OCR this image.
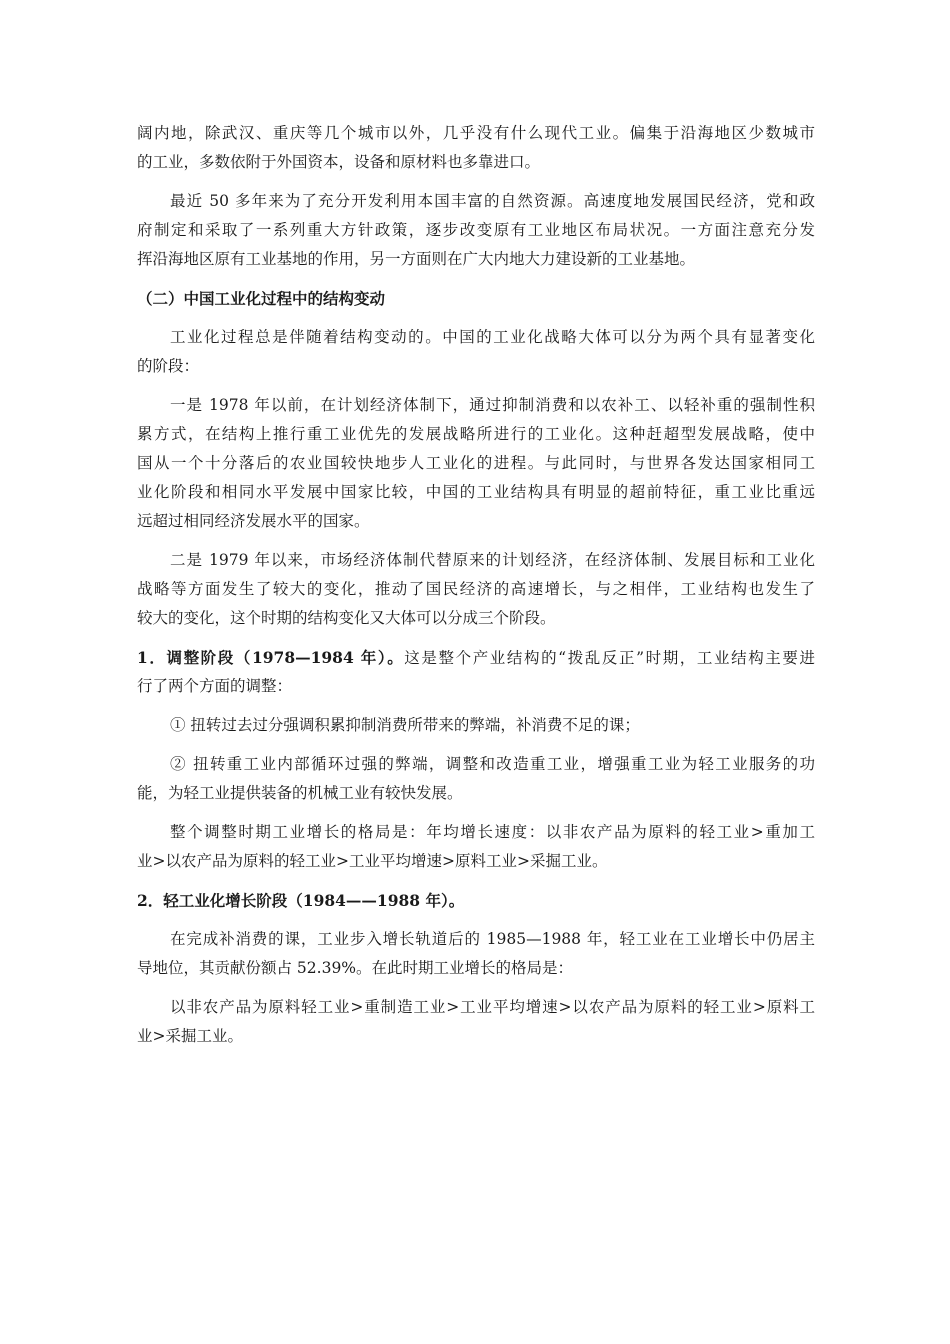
阔内地，除武汉、重庆等几个城市以外，几乎没有什么现代工业。偏集于沿海地区少数城市
的工业，多数依附于外国资本，设备和原材料也多靠进口。
最近 50 多年来为了充分开发利用本国丰富的自然资源。高速度地发展国民经济，党和政
府制定和采取了一系列重大方针政策，逐步改变原有工业地区布局状况。一方面注意充分发
挥沿海地区原有工业基地的作用，另一方面则在广大内地大力建设新的工业基地。
（二）中国工业化过程中的结构变动
工业化过程总是伴随着结构变动的。中国的工业化战略大体可以分为两个具有显著变化
的阶段：
一是 1978 年以前，在计划经济体制下，通过抑制消费和以农补工、以轻补重的强制性积
累方式，在结构上推行重工业优先的发展战略所进行的工业化。这种赶超型发展战略，使中
国从一个十分落后的农业国较快地步人工业化的进程。与此同时，与世界各发达国家相同工
业化阶段和相同水平发展中国家比较，中国的工业结构具有明显的超前特征，重工业比重远
远超过相同经济发展水平的国家。
二是 1979 年以来，市场经济体制代替原来的计划经济，在经济体制、发展目标和工业化
战略等方面发生了较大的变化，推动了国民经济的高速增长，与之相伴，工业结构也发生了
较大的变化，这个时期的结构变化又大体可以分成三个阶段。
1．调整阶段（1978—1984 年）。这是整个产业结构的“拨乱反正”时期，工业结构主要进
行了两个方面的调整：
① 扭转过去过分强调积累抑制消费所带来的弊端，补消费不足的课；
② 扭转重工业内部循环过强的弊端，调整和改造重工业，增强重工业为轻工业服务的功
能，为轻工业提供装备的机械工业有较快发展。
整个调整时期工业增长的格局是：年均增长速度：以非农产品为原料的轻工业>重加工
业>以农产品为原料的轻工业>工业平均增速>原料工业>采掘工业。
2．轻工业化增长阶段（1984——1988 年）。
在完成补消费的课，工业步入增长轨道后的 1985—1988 年，轻工业在工业增长中仍居主
导地位，其贡献份额占 52.39%。在此时期工业增长的格局是：
以非农产品为原料轻工业>重制造工业>工业平均增速>以农产品为原料的轻工业>原料工
业>采掘工业。
